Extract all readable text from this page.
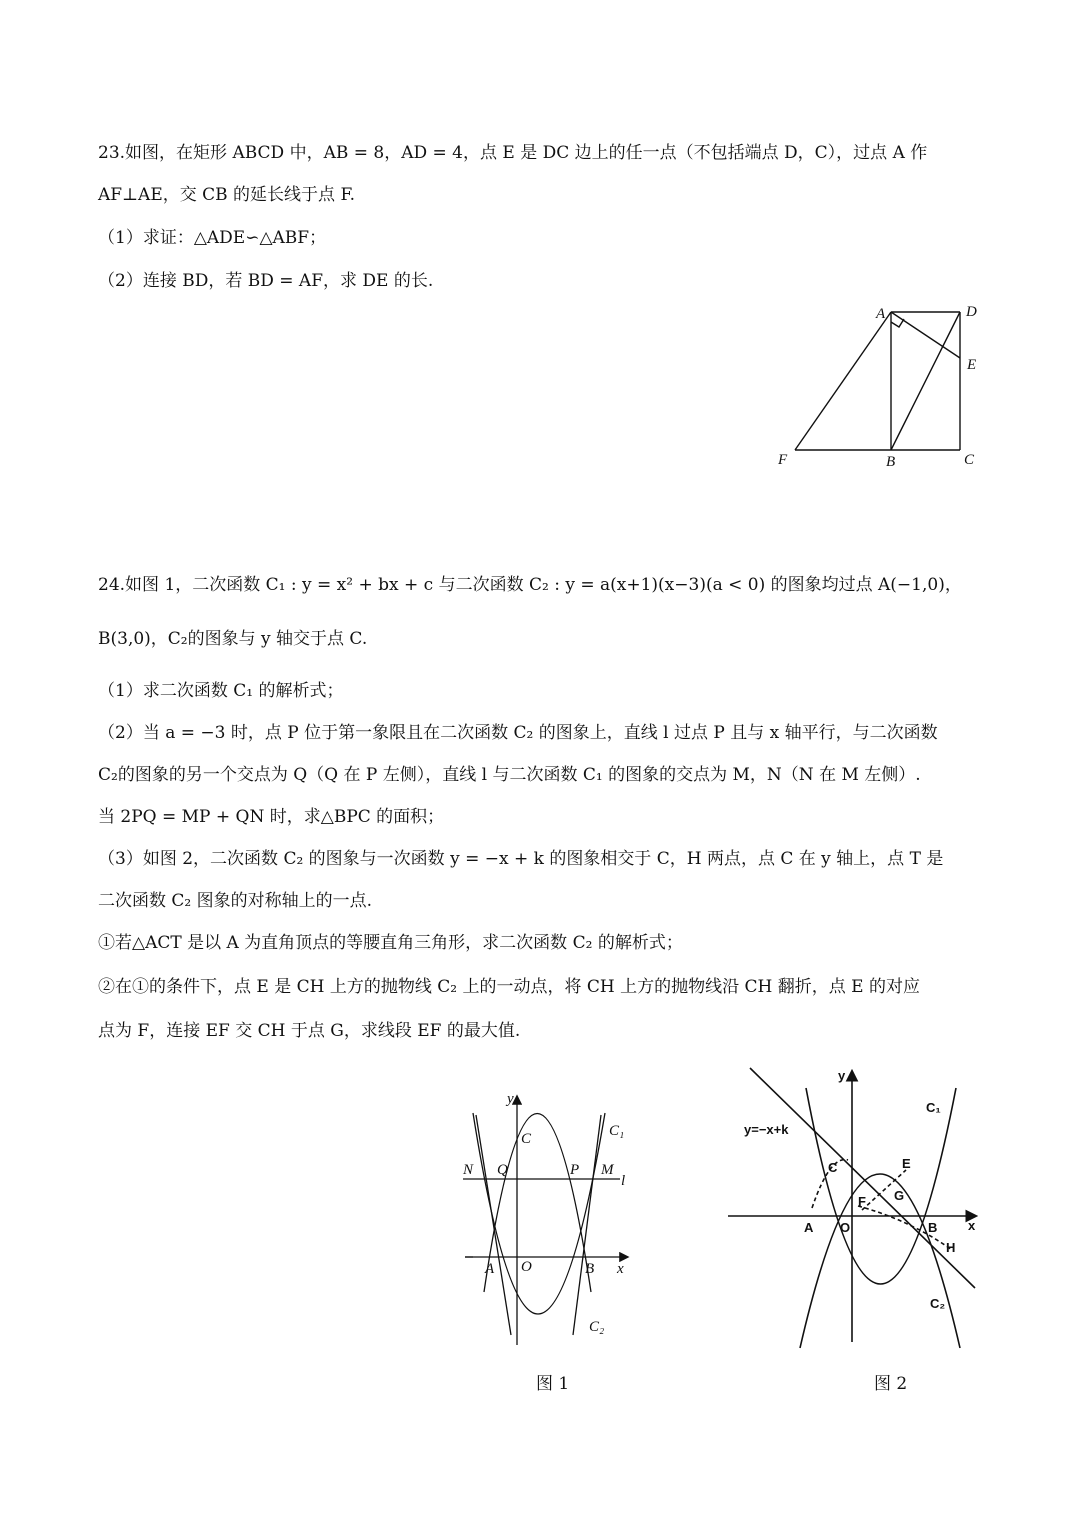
23.如图，在矩形 ABCD 中，AB = 8，AD = 4，点 E 是 DC 边上的任一点（不包括端点 D，C），过点 A 作
AF⊥AE，交 CB 的延长线于点 F.
（1）求证：△ADE∽△ABF；
（2）连接 BD，若 BD = AF，求 DE 的长.
A	D
E
F	B	C
24.如图 1，二次函数 C₁ : y = x² + bx + c 与二次函数 C₂ : y = a(x+1)(x−3)(a < 0) 的图象均过点 A(−1,0)，
B(3,0)，C₂的图象与 y 轴交于点 C.
（1）求二次函数 C₁ 的解析式；
（2）当 a = −3 时，点 P 位于第一象限且在二次函数 C₂ 的图象上，直线 l 过点 P 且与 x 轴平行，与二次函数
C₂的图象的另一个交点为 Q（Q 在 P 左侧），直线 l 与二次函数 C₁ 的图象的交点为 M，N（N 在 M 左侧）.
当 2PQ = MP + QN 时，求△BPC 的面积；
（3）如图 2，二次函数 C₂ 的图象与一次函数 y = −x + k 的图象相交于 C，H 两点，点 C 在 y 轴上，点 T 是
二次函数 C₂ 图象的对称轴上的一点.
①若△ACT 是以 A 为直角顶点的等腰直角三角形，求二次函数 C₂ 的解析式；
②在①的条件下，点 E 是 CH 上方的抛物线 C₂ 上的一动点，将 CH 上方的抛物线沿 CH 翻折，点 E 的对应
点为 F，连接 EF 交 CH 于点 G，求线段 EF 的最大值.
y
x
C	C₁
N Q	P M
l
A O	B
C₂
图 1
y=−x+k
y
x
C₁
C	E
F G
A O	B
H
C₂
图 2
